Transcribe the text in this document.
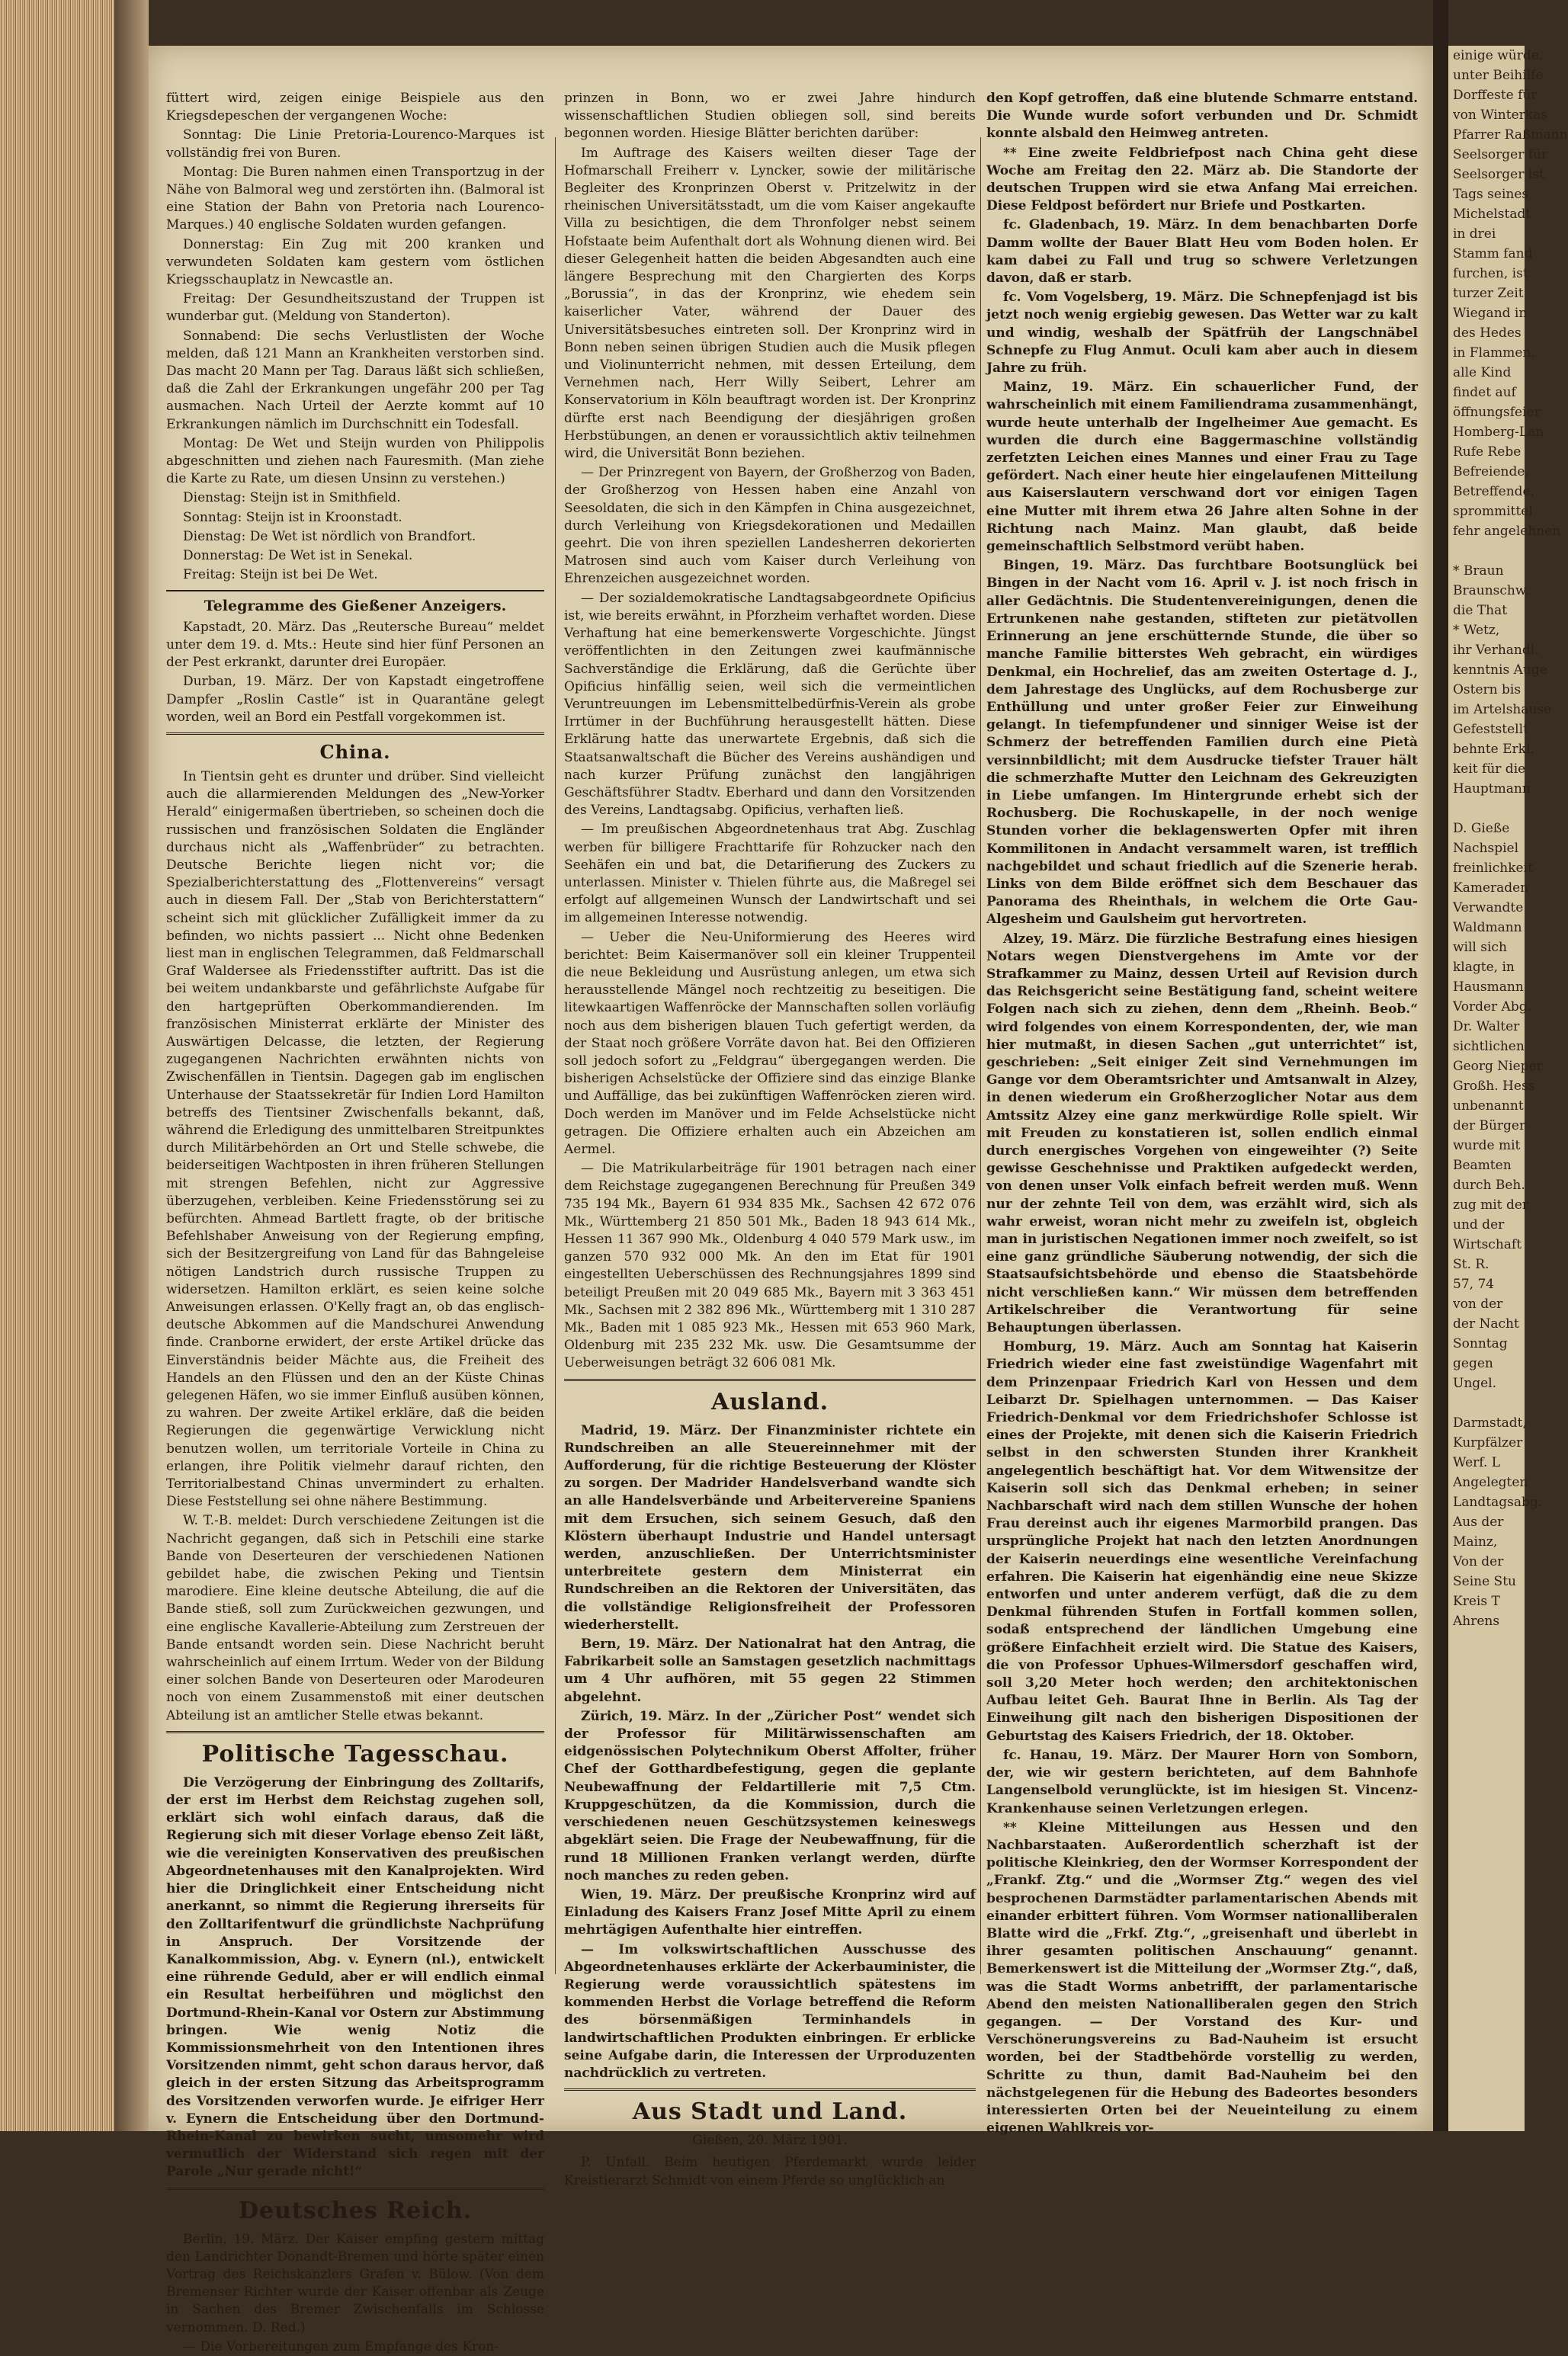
einige würde.
unter Beihilfe
Dorffeste für
von Winterkas
Pfarrer Raßmann
Seelsorger für
Seelsorger ist
Tags seines
Michelstadt
in drei
Stamm fand
furchen, ist
turzer Zeit
Wiegand in
des Hedes
in Flammen.
alle Kind
findet auf
öffnungsfeier
Homberg-Lan
Rufe Rebe
Befreiende,
Betreffende,
sprommittel
fehr angelehnen

* Braun
Braunschw.
die That
* Wetz,
ihr Verhandl.
kenntnis Auge
Ostern bis
im Artelshause
Gefeststellt
behnte Erkl.
keit für die
Hauptmann

D. Gieße
Nachspiel
freinlichkeit
Kameraden
Verwandte
Waldmann
will sich
klagte, in
Hausmann
Vorder Abg.
Dr. Walter
sichtlichen
Georg Nieper
Großh. Hess
unbenannt
der Bürger
wurde mit
Beamten
durch Beh.
zug mit der
und der
Wirtschaft
St. R.
57, 74
von der
der Nacht
Sonntag
gegen
Ungel.

Darmstadt,
Kurpfälzer
Werf. L
Angelegten
Landtagsabg.
Aus der
Mainz,
Von der
Seine Stu
Kreis T
Ahrens

füttert wird, zeigen einige Beispiele aus den Kriegsdepeschen der vergangenen Woche:

Sonntag: Die Linie Pretoria-Lourenco-Marques ist vollständig frei von Buren.

Montag: Die Buren nahmen einen Transportzug in der Nähe von Balmoral weg und zerstörten ihn. (Balmoral ist eine Station der Bahn von Pretoria nach Lourenco-Marques.) 40 englische Soldaten wurden gefangen.

Donnerstag: Ein Zug mit 200 kranken und verwundeten Soldaten kam gestern vom östlichen Kriegsschauplatz in Newcastle an.

Freitag: Der Gesundheitszustand der Truppen ist wunderbar gut. (Meldung von Standerton).

Sonnabend: Die sechs Verlustlisten der Woche melden, daß 121 Mann an Krankheiten verstorben sind. Das macht 20 Mann per Tag. Daraus läßt sich schließen, daß die Zahl der Erkrankungen ungefähr 200 per Tag ausmachen. Nach Urteil der Aerzte kommt auf 10 Erkrankungen nämlich im Durchschnitt ein Todesfall.

Montag: De Wet und Steijn wurden von Philippolis abgeschnitten und ziehen nach Fauresmith. (Man ziehe die Karte zu Rate, um diesen Unsinn zu verstehen.)

Dienstag: Steijn ist in Smithfield.

Sonntag: Steijn ist in Kroonstadt.

Dienstag: De Wet ist nördlich von Brandfort.

Donnerstag: De Wet ist in Senekal.

Freitag: Steijn ist bei De Wet.

Telegramme des Gießener Anzeigers.

Kapstadt, 20. März. Das „Reutersche Bureau“ meldet unter dem 19. d. Mts.: Heute sind hier fünf Personen an der Pest erkrankt, darunter drei Europäer.

Durban, 19. März. Der von Kapstadt eingetroffene Dampfer „Roslin Castle“ ist in Quarantäne gelegt worden, weil an Bord ein Pestfall vorgekommen ist.

China.

In Tientsin geht es drunter und drüber. Sind vielleicht auch die allarmierenden Meldungen des „New-Yorker Herald“ einigermaßen übertrieben, so scheinen doch die russischen und französischen Soldaten die Engländer durchaus nicht als „Waffenbrüder“ zu betrachten. Deutsche Berichte liegen nicht vor; die Spezialberichterstattung des „Flottenvereins“ versagt auch in diesem Fall. Der „Stab von Berichterstattern“ scheint sich mit glücklicher Zufälligkeit immer da zu befinden, wo nichts passiert ... Nicht ohne Bedenken liest man in englischen Telegrammen, daß Feldmarschall Graf Waldersee als Friedensstifter auftritt. Das ist die bei weitem undankbarste und gefährlichste Aufgabe für den hartgeprüften Oberkommandierenden. Im französischen Ministerrat erklärte der Minister des Auswärtigen Delcasse, die letzten, der Regierung zugegangenen Nachrichten erwähnten nichts von Zwischenfällen in Tientsin. Dagegen gab im englischen Unterhause der Staatssekretär für Indien Lord Hamilton betreffs des Tientsiner Zwischenfalls bekannt, daß, während die Erledigung des unmittelbaren Streitpunktes durch Militärbehörden an Ort und Stelle schwebe, die beiderseitigen Wachtposten in ihren früheren Stellungen mit strengen Befehlen, nicht zur Aggressive überzugehen, verbleiben. Keine Friedensstörung sei zu befürchten. Ahmead Bartlett fragte, ob der britische Befehlshaber Anweisung von der Regierung empfing, sich der Besitzergreifung von Land für das Bahngeleise nötigen Landstrich durch russische Truppen zu widersetzen. Hamilton erklärt, es seien keine solche Anweisungen erlassen. O'Kelly fragt an, ob das englisch-deutsche Abkommen auf die Mandschurei Anwendung finde. Cranborne erwidert, der erste Artikel drücke das Einverständnis beider Mächte aus, die Freiheit des Handels an den Flüssen und den an der Küste Chinas gelegenen Häfen, wo sie immer Einfluß ausüben können, zu wahren. Der zweite Artikel erkläre, daß die beiden Regierungen die gegenwärtige Verwicklung nicht benutzen wollen, um territoriale Vorteile in China zu erlangen, ihre Politik vielmehr darauf richten, den Territorialbestand Chinas unvermindert zu erhalten. Diese Feststellung sei ohne nähere Bestimmung.

W. T.-B. meldet: Durch verschiedene Zeitungen ist die Nachricht gegangen, daß sich in Petschili eine starke Bande von Deserteuren der verschiedenen Nationen gebildet habe, die zwischen Peking und Tientsin marodiere. Eine kleine deutsche Abteilung, die auf die Bande stieß, soll zum Zurückweichen gezwungen, und eine englische Kavallerie-Abteilung zum Zerstreuen der Bande entsandt worden sein. Diese Nachricht beruht wahrscheinlich auf einem Irrtum. Weder von der Bildung einer solchen Bande von Deserteuren oder Marodeuren noch von einem Zusammenstoß mit einer deutschen Abteilung ist an amtlicher Stelle etwas bekannt.

Politische Tagesschau.

Die Verzögerung der Einbringung des Zolltarifs, der erst im Herbst dem Reichstag zugehen soll, erklärt sich wohl einfach daraus, daß die Regierung sich mit dieser Vorlage ebenso Zeit läßt, wie die vereinigten Konservativen des preußischen Abgeordnetenhauses mit den Kanalprojekten. Wird hier die Dringlichkeit einer Entscheidung nicht anerkannt, so nimmt die Regierung ihrerseits für den Zolltarifentwurf die gründlichste Nachprüfung in Anspruch. Der Vorsitzende der Kanalkommission, Abg. v. Eynern (nl.), entwickelt eine rührende Geduld, aber er will endlich einmal ein Resultat herbeiführen und möglichst den Dortmund-Rhein-Kanal vor Ostern zur Abstimmung bringen. Wie wenig Notiz die Kommissionsmehrheit von den Intentionen ihres Vorsitzenden nimmt, geht schon daraus hervor, daß gleich in der ersten Sitzung das Arbeitsprogramm des Vorsitzenden verworfen wurde. Je eifriger Herr v. Eynern die Entscheidung über den Dortmund-Rhein-Kanal zu bewirken sucht, umsomehr wird vermutlich der Widerstand sich regen mit der Parole „Nur gerade nicht!“

Deutsches Reich.

Berlin, 19. März. Der Kaiser empfing gestern mittag den Landrichter Donandt-Bremen und hörte später einen Vortrag des Reichskanzlers Grafen v. Bülow. (Von dem Bremenser Richter wurde der Kaiser offenbar als Zeuge in Sachen des Bremer Zwischenfalls im Schlosse vernommen. D. Red.)

— Die Vorbereitungen zum Empfange des Kron-

prinzen in Bonn, wo er zwei Jahre hindurch wissenschaftlichen Studien obliegen soll, sind bereits begonnen worden. Hiesige Blätter berichten darüber:

Im Auftrage des Kaisers weilten dieser Tage der Hofmarschall Freiherr v. Lyncker, sowie der militärische Begleiter des Kronprinzen Oberst v. Pritzelwitz in der rheinischen Universitätsstadt, um die vom Kaiser angekaufte Villa zu besichtigen, die dem Thronfolger nebst seinem Hofstaate beim Aufenthalt dort als Wohnung dienen wird. Bei dieser Gelegenheit hatten die beiden Abgesandten auch eine längere Besprechung mit den Chargierten des Korps „Borussia“, in das der Kronprinz, wie ehedem sein kaiserlicher Vater, während der Dauer des Universitätsbesuches eintreten soll. Der Kronprinz wird in Bonn neben seinen übrigen Studien auch die Musik pflegen und Violinunterricht nehmen, mit dessen Erteilung, dem Vernehmen nach, Herr Willy Seibert, Lehrer am Konservatorium in Köln beauftragt worden ist. Der Kronprinz dürfte erst nach Beendigung der diesjährigen großen Herbstübungen, an denen er voraussichtlich aktiv teilnehmen wird, die Universität Bonn beziehen.

— Der Prinzregent von Bayern, der Großherzog von Baden, der Großherzog von Hessen haben eine Anzahl von Seesoldaten, die sich in den Kämpfen in China ausgezeichnet, durch Verleihung von Kriegsdekorationen und Medaillen geehrt. Die von ihren speziellen Landesherren dekorierten Matrosen sind auch vom Kaiser durch Verleihung von Ehrenzeichen ausgezeichnet worden.

— Der sozialdemokratische Landtagsabgeordnete Opificius ist, wie bereits erwähnt, in Pforzheim verhaftet worden. Diese Verhaftung hat eine bemerkenswerte Vorgeschichte. Jüngst veröffentlichten in den Zeitungen zwei kaufmännische Sachverständige die Erklärung, daß die Gerüchte über Opificius hinfällig seien, weil sich die vermeintlichen Veruntreuungen im Lebensmittelbedürfnis-Verein als grobe Irrtümer in der Buchführung herausgestellt hätten. Diese Erklärung hatte das unerwartete Ergebnis, daß sich die Staatsanwaltschaft die Bücher des Vereins aushändigen und nach kurzer Prüfung zunächst den langjährigen Geschäftsführer Stadtv. Eberhard und dann den Vorsitzenden des Vereins, Landtagsabg. Opificius, verhaften ließ.

— Im preußischen Abgeordnetenhaus trat Abg. Zuschlag werben für billigere Frachttarife für Rohzucker nach den Seehäfen ein und bat, die Detarifierung des Zuckers zu unterlassen. Minister v. Thielen führte aus, die Maßregel sei erfolgt auf allgemeinen Wunsch der Landwirtschaft und sei im allgemeinen Interesse notwendig.

— Ueber die Neu-Uniformierung des Heeres wird berichtet: Beim Kaisermanöver soll ein kleiner Truppenteil die neue Bekleidung und Ausrüstung anlegen, um etwa sich herausstellende Mängel noch rechtzeitig zu beseitigen. Die litewkaartigen Waffenröcke der Mannschaften sollen vorläufig noch aus dem bisherigen blauen Tuch gefertigt werden, da der Staat noch größere Vorräte davon hat. Bei den Offizieren soll jedoch sofort zu „Feldgrau“ übergegangen werden. Die bisherigen Achselstücke der Offiziere sind das einzige Blanke und Auffällige, das bei zukünftigen Waffenröcken zieren wird. Doch werden im Manöver und im Felde Achselstücke nicht getragen. Die Offiziere erhalten auch ein Abzeichen am Aermel.

— Die Matrikularbeiträge für 1901 betragen nach einer dem Reichstage zugegangenen Berechnung für Preußen 349 735 194 Mk., Bayern 61 934 835 Mk., Sachsen 42 672 076 Mk., Württemberg 21 850 501 Mk., Baden 18 943 614 Mk., Hessen 11 367 990 Mk., Oldenburg 4 040 579 Mark usw., im ganzen 570 932 000 Mk. An den im Etat für 1901 eingestellten Ueberschüssen des Rechnungsjahres 1899 sind beteiligt Preußen mit 20 049 685 Mk., Bayern mit 3 363 451 Mk., Sachsen mit 2 382 896 Mk., Württemberg mit 1 310 287 Mk., Baden mit 1 085 923 Mk., Hessen mit 653 960 Mark, Oldenburg mit 235 232 Mk. usw. Die Gesamtsumme der Ueberweisungen beträgt 32 606 081 Mk.

Ausland.

Madrid, 19. März. Der Finanzminister richtete ein Rundschreiben an alle Steuereinnehmer mit der Aufforderung, für die richtige Besteuerung der Klöster zu sorgen. Der Madrider Handelsverband wandte sich an alle Handelsverbände und Arbeitervereine Spaniens mit dem Ersuchen, sich seinem Gesuch, daß den Klöstern überhaupt Industrie und Handel untersagt werden, anzuschließen. Der Unterrichtsminister unterbreitete gestern dem Ministerrat ein Rundschreiben an die Rektoren der Universitäten, das die vollständige Religionsfreiheit der Professoren wiederherstellt.

Bern, 19. März. Der Nationalrat hat den Antrag, die Fabrikarbeit solle an Samstagen gesetzlich nachmittags um 4 Uhr aufhören, mit 55 gegen 22 Stimmen abgelehnt.

Zürich, 19. März. In der „Züricher Post“ wendet sich der Professor für Militärwissenschaften am eidgenössischen Polytechnikum Oberst Affolter, früher Chef der Gotthardbefestigung, gegen die geplante Neubewaffnung der Feldartillerie mit 7,5 Ctm. Kruppgeschützen, da die Kommission, durch die verschiedenen neuen Geschützsystemen keineswegs abgeklärt seien. Die Frage der Neubewaffnung, für die rund 18 Millionen Franken verlangt werden, dürfte noch manches zu reden geben.

Wien, 19. März. Der preußische Kronprinz wird auf Einladung des Kaisers Franz Josef Mitte April zu einem mehrtägigen Aufenthalte hier eintreffen.

— Im volkswirtschaftlichen Ausschusse des Abgeordnetenhauses erklärte der Ackerbauminister, die Regierung werde voraussichtlich spätestens im kommenden Herbst die Vorlage betreffend die Reform des börsenmäßigen Terminhandels in landwirtschaftlichen Produkten einbringen. Er erblicke seine Aufgabe darin, die Interessen der Urproduzenten nachdrücklich zu vertreten.

Aus Stadt und Land.
Gießen, 20. März 1901.

P. Unfall. Beim heutigen Pferdemarkt wurde leider Kreistierarzt Schmidt von einem Pferde so unglücklich an

den Kopf getroffen, daß eine blutende Schmarre entstand. Die Wunde wurde sofort verbunden und Dr. Schmidt konnte alsbald den Heimweg antreten.

** Eine zweite Feldbriefpost nach China geht diese Woche am Freitag den 22. März ab. Die Standorte der deutschen Truppen wird sie etwa Anfang Mai erreichen. Diese Feldpost befördert nur Briefe und Postkarten.

fc. Gladenbach, 19. März. In dem benachbarten Dorfe Damm wollte der Bauer Blatt Heu vom Boden holen. Er kam dabei zu Fall und trug so schwere Verletzungen davon, daß er starb.

fc. Vom Vogelsberg, 19. März. Die Schnepfenjagd ist bis jetzt noch wenig ergiebig gewesen. Das Wetter war zu kalt und windig, weshalb der Spätfrüh der Langschnäbel Schnepfe zu Flug Anmut. Oculi kam aber auch in diesem Jahre zu früh.

Mainz, 19. März. Ein schauerlicher Fund, der wahrscheinlich mit einem Familiendrama zusammenhängt, wurde heute unterhalb der Ingelheimer Aue gemacht. Es wurden die durch eine Baggermaschine vollständig zerfetzten Leichen eines Mannes und einer Frau zu Tage gefördert. Nach einer heute hier eingelaufenen Mitteilung aus Kaiserslautern verschwand dort vor einigen Tagen eine Mutter mit ihrem etwa 26 Jahre alten Sohne in der Richtung nach Mainz. Man glaubt, daß beide gemeinschaftlich Selbstmord verübt haben.

Bingen, 19. März. Das furchtbare Bootsunglück bei Bingen in der Nacht vom 16. April v. J. ist noch frisch in aller Gedächtnis. Die Studentenvereinigungen, denen die Ertrunkenen nahe gestanden, stifteten zur pietätvollen Erinnerung an jene erschütternde Stunde, die über so manche Familie bitterstes Weh gebracht, ein würdiges Denkmal, ein Hochrelief, das am zweiten Ostertage d. J., dem Jahrestage des Unglücks, auf dem Rochusberge zur Enthüllung und unter großer Feier zur Einweihung gelangt. In tiefempfundener und sinniger Weise ist der Schmerz der betreffenden Familien durch eine Pietà versinnbildlicht; mit dem Ausdrucke tiefster Trauer hält die schmerzhafte Mutter den Leichnam des Gekreuzigten in Liebe umfangen. Im Hintergrunde erhebt sich der Rochusberg. Die Rochuskapelle, in der noch wenige Stunden vorher die beklagenswerten Opfer mit ihren Kommilitonen in Andacht versammelt waren, ist trefflich nachgebildet und schaut friedlich auf die Szenerie herab. Links von dem Bilde eröffnet sich dem Beschauer das Panorama des Rheinthals, in welchem die Orte Gau-Algesheim und Gaulsheim gut hervortreten.

Alzey, 19. März. Die fürzliche Bestrafung eines hiesigen Notars wegen Dienstvergehens im Amte vor der Strafkammer zu Mainz, dessen Urteil auf Revision durch das Reichsgericht seine Bestätigung fand, scheint weitere Folgen nach sich zu ziehen, denn dem „Rheinh. Beob.“ wird folgendes von einem Korrespondenten, der, wie man hier mutmaßt, in diesen Sachen „gut unterrichtet“ ist, geschrieben: „Seit einiger Zeit sind Vernehmungen im Gange vor dem Oberamtsrichter und Amtsanwalt in Alzey, in denen wiederum ein Großherzoglicher Notar aus dem Amtssitz Alzey eine ganz merkwürdige Rolle spielt. Wir mit Freuden zu konstatieren ist, sollen endlich einmal durch energisches Vorgehen von eingeweihter (?) Seite gewisse Geschehnisse und Praktiken aufgedeckt werden, von denen unser Volk einfach befreit werden muß. Wenn nur der zehnte Teil von dem, was erzählt wird, sich als wahr erweist, woran nicht mehr zu zweifeln ist, obgleich man in juristischen Negationen immer noch zweifelt, so ist eine ganz gründliche Säuberung notwendig, der sich die Staatsaufsichtsbehörde und ebenso die Staatsbehörde nicht verschließen kann.“ Wir müssen dem betreffenden Artikelschreiber die Verantwortung für seine Behauptungen überlassen.

Homburg, 19. März. Auch am Sonntag hat Kaiserin Friedrich wieder eine fast zweistündige Wagenfahrt mit dem Prinzenpaar Friedrich Karl von Hessen und dem Leibarzt Dr. Spielhagen unternommen. — Das Kaiser Friedrich-Denkmal vor dem Friedrichshofer Schlosse ist eines der Projekte, mit denen sich die Kaiserin Friedrich selbst in den schwersten Stunden ihrer Krankheit angelegentlich beschäftigt hat. Vor dem Witwensitze der Kaiserin soll sich das Denkmal erheben; in seiner Nachbarschaft wird nach dem stillen Wunsche der hohen Frau dereinst auch ihr eigenes Marmorbild prangen. Das ursprüngliche Projekt hat nach den letzten Anordnungen der Kaiserin neuerdings eine wesentliche Vereinfachung erfahren. Die Kaiserin hat eigenhändig eine neue Skizze entworfen und unter anderem verfügt, daß die zu dem Denkmal führenden Stufen in Fortfall kommen sollen, sodaß entsprechend der ländlichen Umgebung eine größere Einfachheit erzielt wird. Die Statue des Kaisers, die von Professor Uphues-Wilmersdorf geschaffen wird, soll 3,20 Meter hoch werden; den architektonischen Aufbau leitet Geh. Baurat Ihne in Berlin. Als Tag der Einweihung gilt nach den bisherigen Dispositionen der Geburtstag des Kaisers Friedrich, der 18. Oktober.

fc. Hanau, 19. März. Der Maurer Horn von Somborn, der, wie wir gestern berichteten, auf dem Bahnhofe Langenselbold verunglückte, ist im hiesigen St. Vincenz-Krankenhause seinen Verletzungen erlegen.

** Kleine Mitteilungen aus Hessen und den Nachbarstaaten. Außerordentlich scherzhaft ist der politische Kleinkrieg, den der Wormser Korrespondent der „Frankf. Ztg.“ und die „Wormser Ztg.“ wegen des viel besprochenen Darmstädter parlamentarischen Abends mit einander erbittert führen. Vom Wormser nationalliberalen Blatte wird die „Frkf. Ztg.“, „greisenhaft und überlebt in ihrer gesamten politischen Anschauung“ genannt. Bemerkenswert ist die Mitteilung der „Wormser Ztg.“, daß, was die Stadt Worms anbetrifft, der parlamentarische Abend den meisten Nationalliberalen gegen den Strich gegangen. — Der Vorstand des Kur- und Verschönerungsvereins zu Bad-Nauheim ist ersucht worden, bei der Stadtbehörde vorstellig zu werden, Schritte zu thun, damit Bad-Nauheim bei den nächstgelegenen für die Hebung des Badeortes besonders interessierten Orten bei der Neueinteilung zu einem eigenen Wahlkreis vor-
